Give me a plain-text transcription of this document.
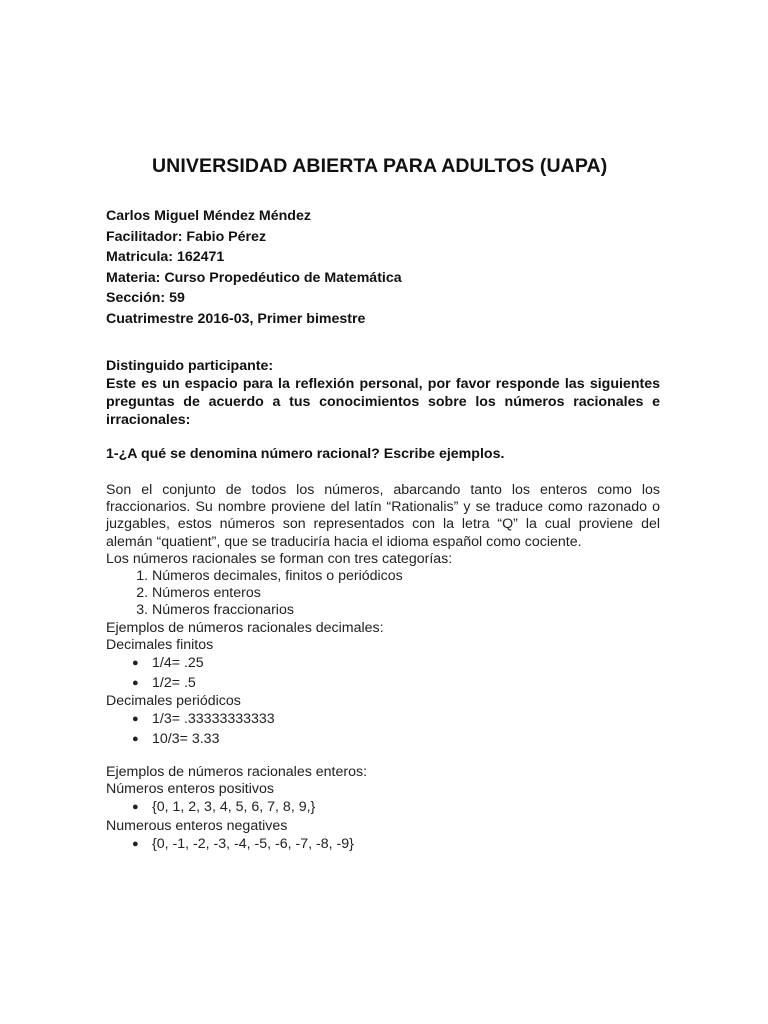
UNIVERSIDAD ABIERTA PARA ADULTOS (UAPA)
Carlos Miguel Méndez Méndez
Facilitador: Fabio Pérez
Matricula: 162471
Materia: Curso Propedéutico de Matemática
Sección: 59
Cuatrimestre 2016-03, Primer bimestre
Distinguido participante:
Este es un espacio para la reflexión personal, por favor responde las siguientes preguntas de acuerdo a tus conocimientos sobre los números racionales e irracionales:
1-¿A qué se denomina número racional? Escribe ejemplos.

Son el conjunto de todos los números, abarcando tanto los enteros como los fraccionarios. Su nombre proviene del latín “Rationalis” y se traduce como razonado o juzgables, estos números son representados con la letra “Q” la cual proviene del alemán “quatient”, que se traduciría hacia el idioma español como cociente.

Los números racionales se forman con tres categorías:
1. Números decimales, finitos o periódicos
2. Números enteros
3. Números fraccionarios
Ejemplos de números racionales decimales:
Decimales finitos
● 1/4= .25
● 1/2= .5
Decimales periódicos
● 1/3= .33333333333
● 10/3= 3.33
Ejemplos de números racionales enteros:
Números enteros positivos
● {0, 1, 2, 3, 4, 5, 6, 7, 8, 9,}
Numerous enteros negatives
● {0, -1, -2, -3, -4, -5, -6, -7, -8, -9}
